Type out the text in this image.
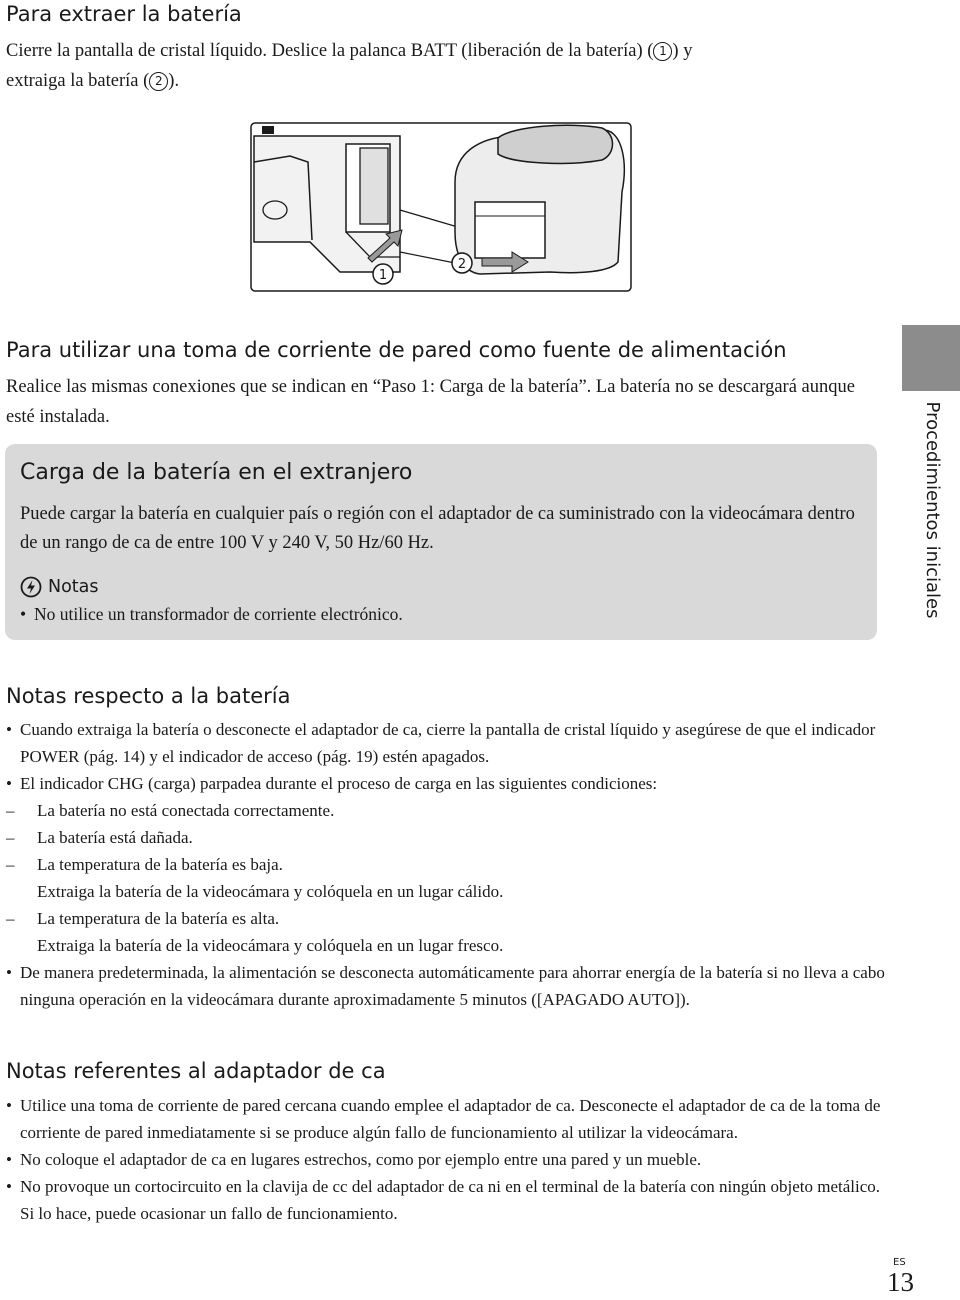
Para extraer la batería
Cierre la pantalla de cristal líquido. Deslice la palanca BATT (liberación de la batería) ( 1 ) y
extraiga la batería ( 2 ).
1
2
Para utilizar una toma de corriente de pared como fuente de alimentación
Realice las mismas conexiones que se indican en “Paso 1: Carga de la batería”. La batería no se descargará aunque esté instalada.
Carga de la batería en el extranjero
Puede cargar la batería en cualquier país o región con el adaptador de ca suministrado con la videocámara dentro de un rango de ca de entre 100 V y 240 V, 50 Hz/60 Hz.
Notas
• No utilice un transformador de corriente electrónico.	Procedimientos iniciales
Notas respecto a la batería
• Cuando extraiga la batería o desconecte el adaptador de ca, cierre la pantalla de cristal líquido y asegúrese de que el indicador POWER (pág. 14) y el indicador de acceso (pág. 19) estén apagados.
• El indicador CHG (carga) parpadea durante el proceso de carga en las siguientes condiciones:
– La batería no está conectada correctamente.
– La batería está dañada.
– La temperatura de la batería es baja.
Extraiga la batería de la videocámara y colóquela en un lugar cálido.
– La temperatura de la batería es alta.
Extraiga la batería de la videocámara y colóquela en un lugar fresco.
• De manera predeterminada, la alimentación se desconecta automáticamente para ahorrar energía de la batería si no lleva a cabo ninguna operación en la videocámara durante aproximadamente 5 minutos ([APAGADO AUTO]).
Notas referentes al adaptador de ca
• Utilice una toma de corriente de pared cercana cuando emplee el adaptador de ca. Desconecte el adaptador de ca de la toma de corriente de pared inmediatamente si se produce algún fallo de funcionamiento al utilizar la videocámara.
• No coloque el adaptador de ca en lugares estrechos, como por ejemplo entre una pared y un mueble.
• No provoque un cortocircuito en la clavija de cc del adaptador de ca ni en el terminal de la batería con ningún objeto metálico. Si lo hace, puede ocasionar un fallo de funcionamiento.
ES
13
